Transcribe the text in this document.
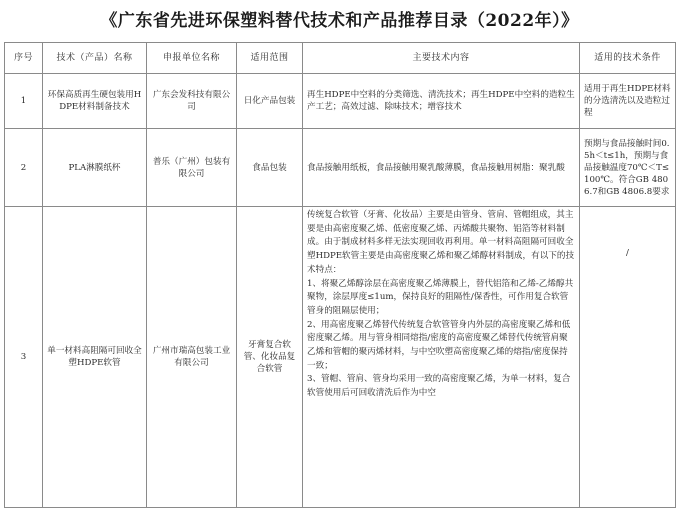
《广东省先进环保塑料替代技术和产品推荐目录（2022年）》
序号	技术（产品）名称	申报单位名称	适用范围	主要技术内容	适用的技术条件
1	环保高质再生硬包装用HDPE材料制备技术	广东会发科技有限公司	日化产品包装	再生HDPE中空料的分类筛选、清洗技术；再生HDPE中空料的造粒生产工艺；高效过滤、除味技术；增容技术	适用于再生HDPE材料的分选清洗以及造粒过程
2	PLA淋膜纸杯	普乐（广州）包装有限公司	食品包装	食品接触用纸板，食品接触用聚乳酸薄膜，食品接触用树脂：聚乳酸	预期与食品接触时间0.5h＜t≤1h，预期与食品接触温度70℃＜T≤100℃。符合GB 4806.7和GB 4806.8要求

3	单一材料高阻隔可回收全塑HDPE软管	广州市瑞高包装工业有限公司	牙膏复合软管、化妆品复合软管	传统复合软管（牙膏、化妆品）主要是由管身、管肩、管帽组成，其主要是由高密度聚乙烯、低密度聚乙烯、丙烯酸共聚物、铝箔等材料制成。由于制成材料多样无法实现回收再利用。单一材料高阻隔可回收全塑HDPE软管主要是由高密度聚乙烯和聚乙烯醇材料制成，有以下的技术特点：
1、将聚乙烯醇涂层在高密度聚乙烯薄膜上，替代铝箔和乙烯-乙烯醇共聚物，涂层厚度≤1um，保持良好的阻隔性/保香性，可作用复合软管管身的阻隔层使用；
2、用高密度聚乙烯替代传统复合软管管身内外层的高密度聚乙烯和低密度聚乙烯。用与管身相同熔指/密度的高密度聚乙烯替代传统管肩聚乙烯和管帽的聚丙烯材料，与中空吹塑高密度聚乙烯的熔指/密度保持一致；
3、管帽、管肩、管身均采用一致的高密度聚乙烯，为单一材料，复合软管使用后可回收清洗后作为中空	/
